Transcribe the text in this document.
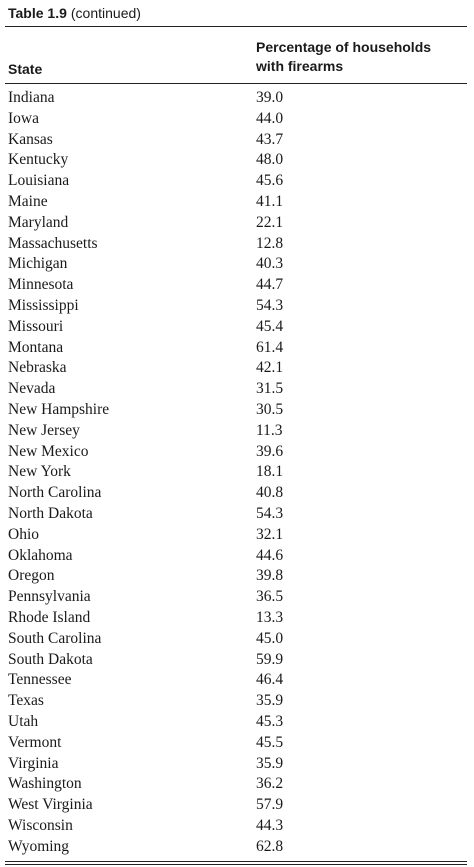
Table 1.9 (continued)
Percentage of households
with firearms
State
Indiana	39.0
Iowa	44.0
Kansas	43.7
Kentucky	48.0
Louisiana	45.6
Maine	41.1
Maryland	22.1
Massachusetts	12.8
Michigan	40.3
Minnesota	44.7
Mississippi	54.3
Missouri	45.4
Montana	61.4
Nebraska	42.1
Nevada	31.5
New Hampshire	30.5
New Jersey	11.3
New Mexico	39.6
New York	18.1
North Carolina	40.8
North Dakota	54.3
Ohio	32.1
Oklahoma	44.6
Oregon	39.8
Pennsylvania	36.5
Rhode Island	13.3
South Carolina	45.0
South Dakota	59.9
Tennessee	46.4
Texas	35.9
Utah	45.3
Vermont	45.5
Virginia	35.9
Washington	36.2
West Virginia	57.9
Wisconsin	44.3
Wyoming	62.8
